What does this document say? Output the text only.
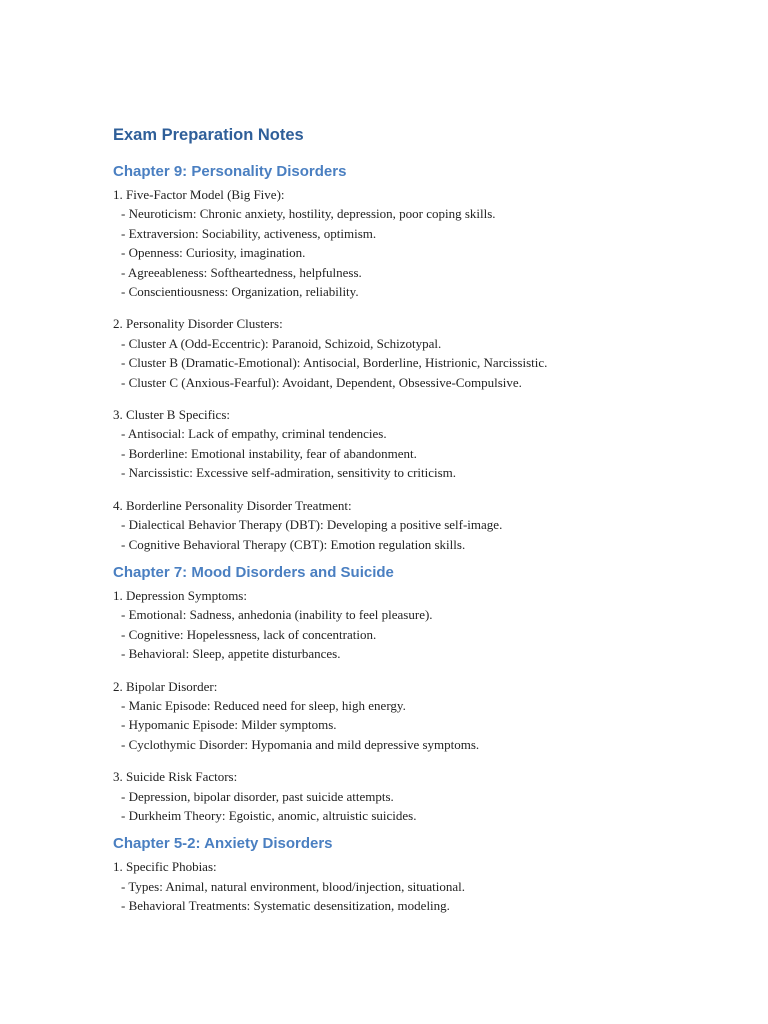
Exam Preparation Notes
Chapter 9: Personality Disorders
1. Five-Factor Model (Big Five):
- Neuroticism: Chronic anxiety, hostility, depression, poor coping skills.
- Extraversion: Sociability, activeness, optimism.
- Openness: Curiosity, imagination.
- Agreeableness: Softheartedness, helpfulness.
- Conscientiousness: Organization, reliability.
2. Personality Disorder Clusters:
- Cluster A (Odd-Eccentric): Paranoid, Schizoid, Schizotypal.
- Cluster B (Dramatic-Emotional): Antisocial, Borderline, Histrionic, Narcissistic.
- Cluster C (Anxious-Fearful): Avoidant, Dependent, Obsessive-Compulsive.
3. Cluster B Specifics:
- Antisocial: Lack of empathy, criminal tendencies.
- Borderline: Emotional instability, fear of abandonment.
- Narcissistic: Excessive self-admiration, sensitivity to criticism.
4. Borderline Personality Disorder Treatment:
- Dialectical Behavior Therapy (DBT): Developing a positive self-image.
- Cognitive Behavioral Therapy (CBT): Emotion regulation skills.
Chapter 7: Mood Disorders and Suicide
1. Depression Symptoms:
- Emotional: Sadness, anhedonia (inability to feel pleasure).
- Cognitive: Hopelessness, lack of concentration.
- Behavioral: Sleep, appetite disturbances.
2. Bipolar Disorder:
- Manic Episode: Reduced need for sleep, high energy.
- Hypomanic Episode: Milder symptoms.
- Cyclothymic Disorder: Hypomania and mild depressive symptoms.
3. Suicide Risk Factors:
- Depression, bipolar disorder, past suicide attempts.
- Durkheim Theory: Egoistic, anomic, altruistic suicides.
Chapter 5-2: Anxiety Disorders
1. Specific Phobias:
- Types: Animal, natural environment, blood/injection, situational.
- Behavioral Treatments: Systematic desensitization, modeling.
